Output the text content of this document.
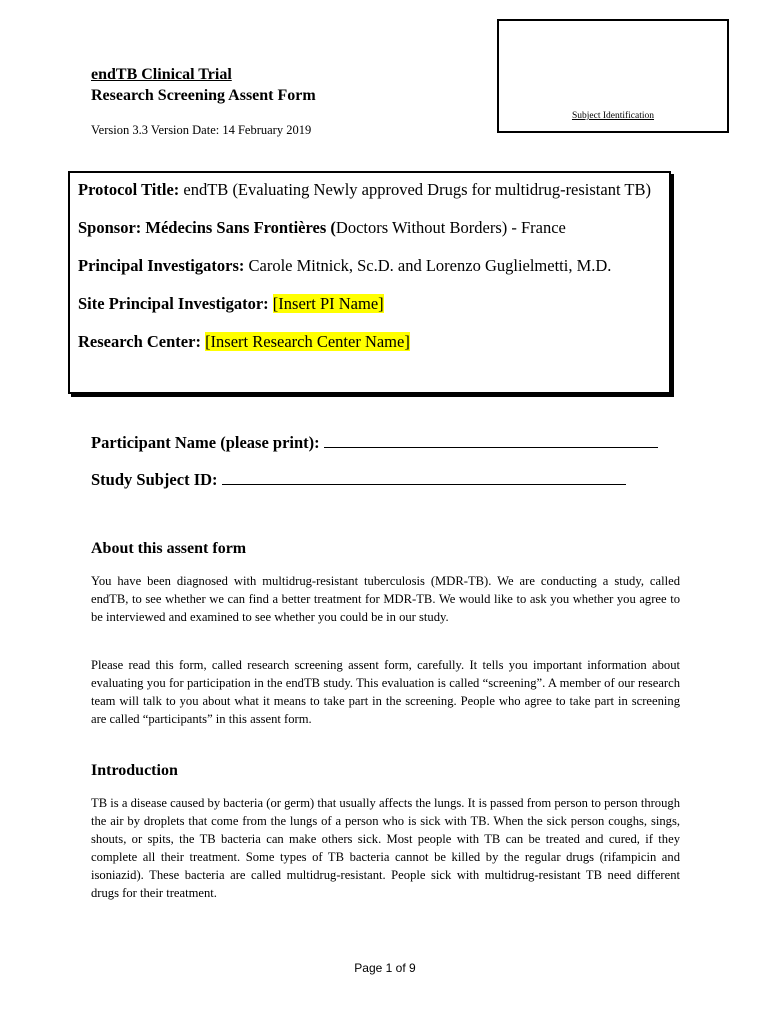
endTB Clinical Trial
Research Screening Assent Form
Version 3.3 Version Date: 14 February 2019
Subject Identification

Protocol Title: endTB (Evaluating Newly approved Drugs for multidrug-resistant TB)

Sponsor: Médecins Sans Frontières (Doctors Without Borders) - France

Principal Investigators: Carole Mitnick, Sc.D. and Lorenzo Guglielmetti, M.D.

Site Principal Investigator: [Insert PI Name]

Research Center: [Insert Research Center Name]

Participant Name (please print):
Study Subject ID:
About this assent form

You have been diagnosed with multidrug-resistant tuberculosis (MDR-TB). We are conducting a study, called endTB, to see whether we can find a better treatment for MDR-TB. We would like to ask you whether you agree to be interviewed and examined to see whether you could be in our study.

Please read this form, called research screening assent form, carefully. It tells you important information about evaluating you for participation in the endTB study. This evaluation is called “screening”. A member of our research team will talk to you about what it means to take part in the screening. People who agree to take part in screening are called “participants” in this assent form.

Introduction

TB is a disease caused by bacteria (or germ) that usually affects the lungs. It is passed from person to person through the air by droplets that come from the lungs of a person who is sick with TB. When the sick person coughs, sings, shouts, or spits, the TB bacteria can make others sick. Most people with TB can be treated and cured, if they complete all their treatment. Some types of TB bacteria cannot be killed by the regular drugs (rifampicin and isoniazid). These bacteria are called multidrug-resistant. People sick with multidrug-resistant TB need different drugs for their treatment.

Page 1 of 9
